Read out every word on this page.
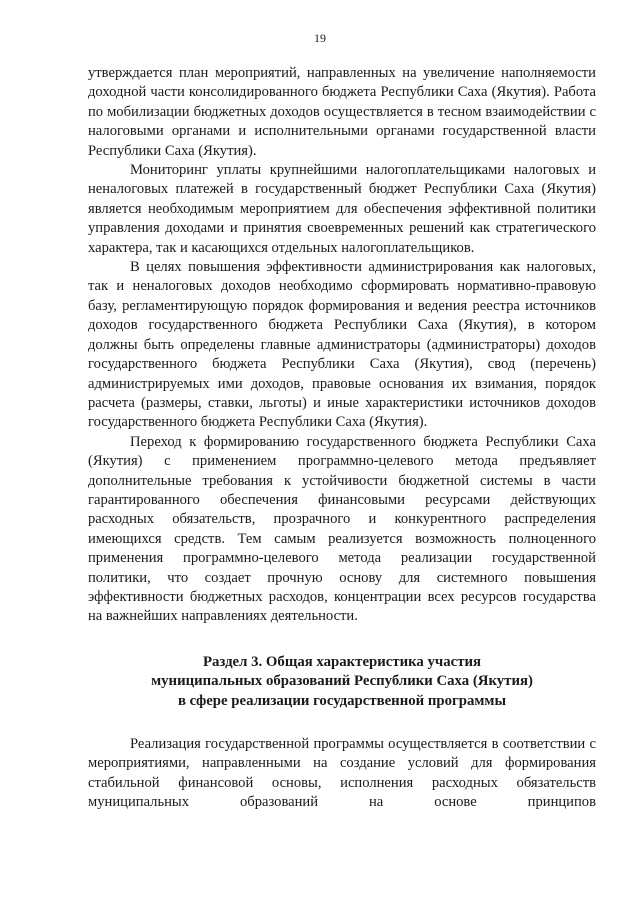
19

утверждается план мероприятий, направленных на увеличение наполняемости доходной части консолидированного бюджета Республики Саха (Якутия). Работа по мобилизации бюджетных доходов осуществляется в тесном взаимодействии с налоговыми органами и исполнительными органами государственной власти Республики Саха (Якутия).

Мониторинг уплаты крупнейшими налогоплательщиками налоговых и неналоговых платежей в государственный бюджет Республики Саха (Якутия) является необходимым мероприятием для обеспечения эффективной политики управления доходами и принятия своевременных решений как стратегического характера, так и касающихся отдельных налогоплательщиков.

В целях повышения эффективности администрирования как налоговых, так и неналоговых доходов необходимо сформировать нормативно-правовую базу, регламентирующую порядок формирования и ведения реестра источников доходов государственного бюджета Республики Саха (Якутия), в котором должны быть определены главные администраторы (администраторы) доходов государственного бюджета Республики Саха (Якутия), свод (перечень) администрируемых ими доходов, правовые основания их взимания, порядок расчета (размеры, ставки, льготы) и иные характеристики источников доходов государственного бюджета Республики Саха (Якутия).

Переход к формированию государственного бюджета Республики Саха (Якутия) с применением программно-целевого метода предъявляет дополнительные требования к устойчивости бюджетной системы в части гарантированного обеспечения финансовыми ресурсами действующих расходных обязательств, прозрачного и конкурентного распределения имеющихся средств. Тем самым реализуется возможность полноценного применения программно-целевого метода реализации государственной политики, что создает прочную основу для системного повышения эффективности бюджетных расходов, концентрации всех ресурсов государства на важнейших направлениях деятельности.

Раздел 3. Общая характеристика участия
муниципальных образований Республики Саха (Якутия)
в сфере реализации государственной программы

Реализация государственной программы осуществляется в соответствии с мероприятиями, направленными на создание условий для формирования стабильной финансовой основы, исполнения расходных обязательств муниципальных образований на основе принципов
